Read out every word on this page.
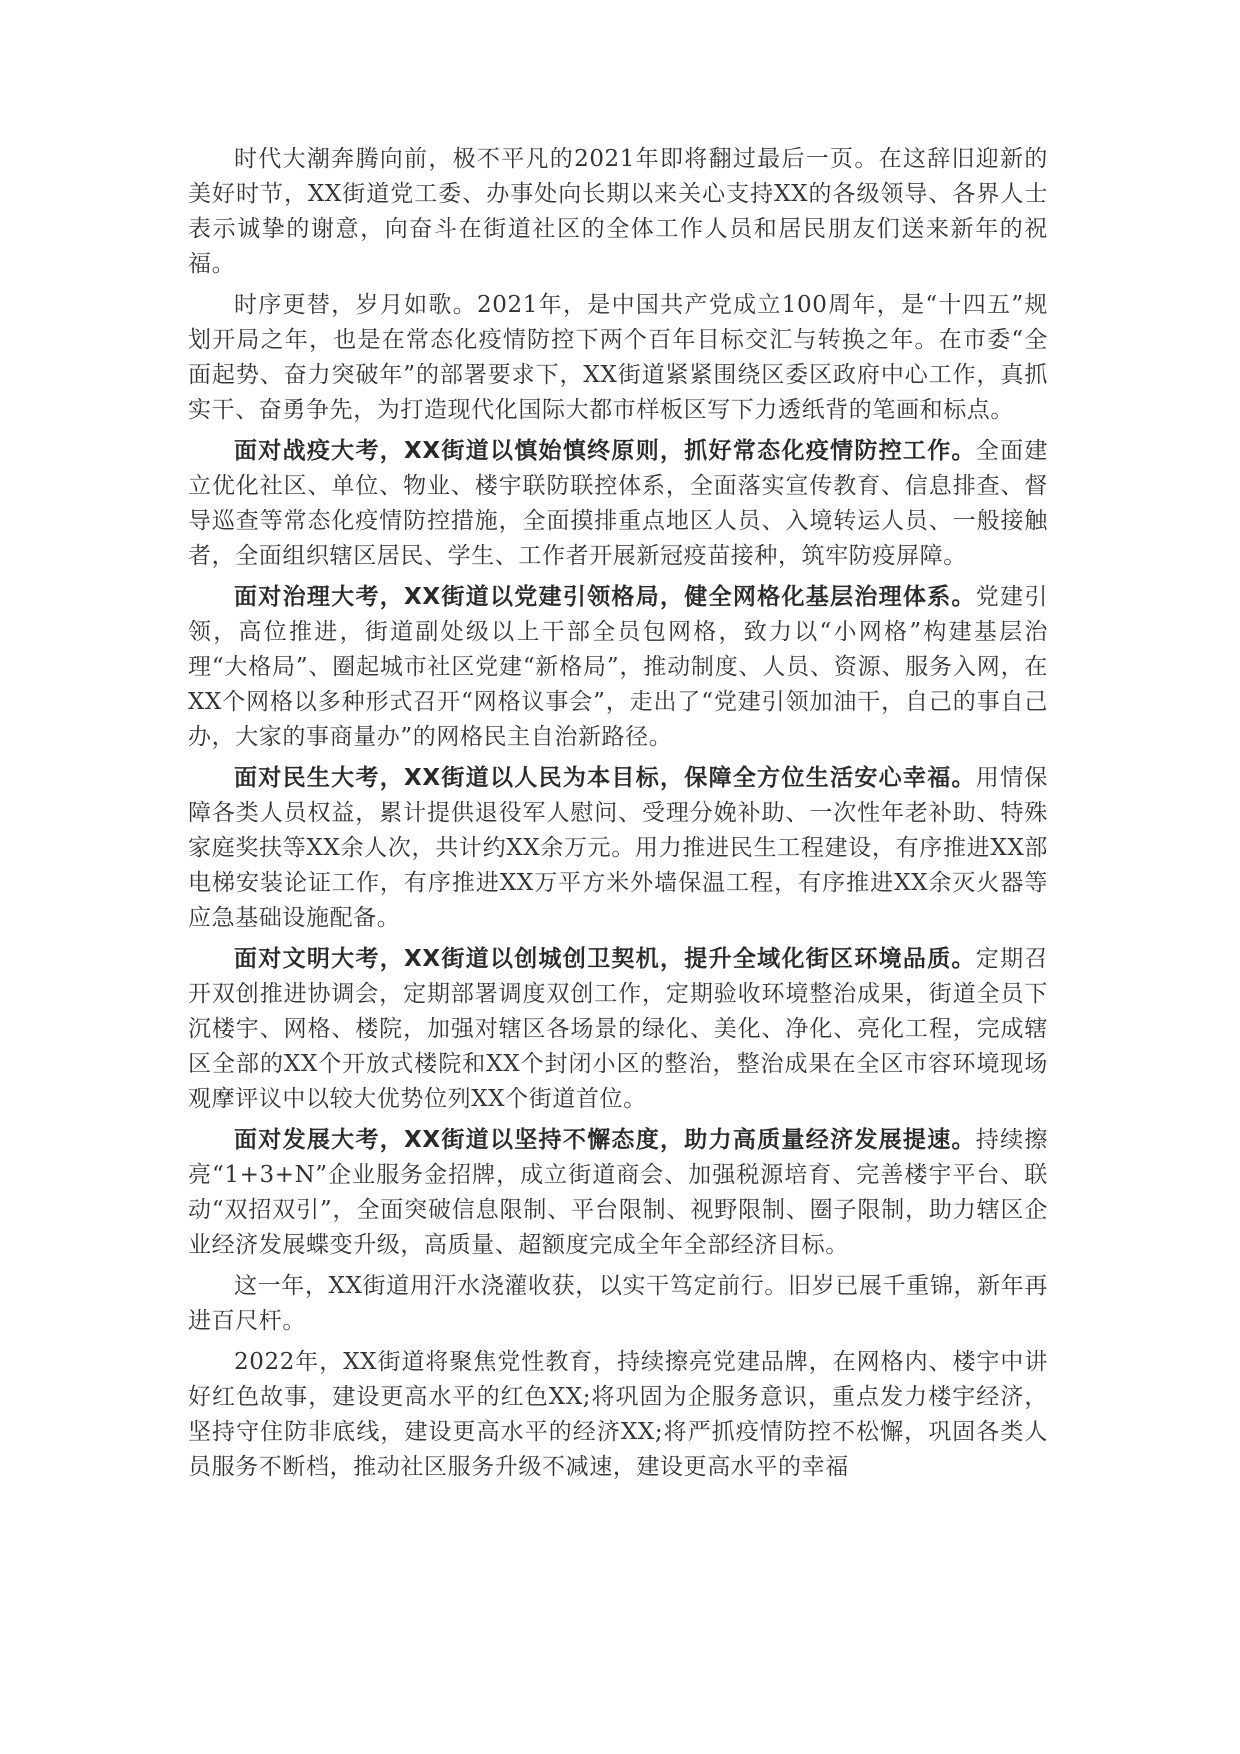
时代大潮奔腾向前，极不平凡的2021年即将翻过最后一页。在这辞旧迎新的美好时节，XX街道党工委、办事处向长期以来关心支持XX的各级领导、各界人士表示诚挚的谢意，向奋斗在街道社区的全体工作人员和居民朋友们送来新年的祝福。

时序更替，岁月如歌。2021年，是中国共产党成立100周年，是“十四五”规划开局之年，也是在常态化疫情防控下两个百年目标交汇与转换之年。在市委“全面起势、奋力突破年”的部署要求下，XX街道紧紧围绕区委区政府中心工作，真抓实干、奋勇争先，为打造现代化国际大都市样板区写下力透纸背的笔画和标点。

面对战疫大考，XX街道以慎始慎终原则，抓好常态化疫情防控工作。全面建立优化社区、单位、物业、楼宇联防联控体系，全面落实宣传教育、信息排查、督导巡查等常态化疫情防控措施，全面摸排重点地区人员、入境转运人员、一般接触者，全面组织辖区居民、学生、工作者开展新冠疫苗接种，筑牢防疫屏障。

面对治理大考，XX街道以党建引领格局，健全网格化基层治理体系。党建引领，高位推进，街道副处级以上干部全员包网格，致力以“小网格”构建基层治理“大格局”、圈起城市社区党建“新格局”，推动制度、人员、资源、服务入网，在XX个网格以多种形式召开“网格议事会”，走出了“党建引领加油干，自己的事自己办，大家的事商量办”的网格民主自治新路径。

面对民生大考，XX街道以人民为本目标，保障全方位生活安心幸福。用情保障各类人员权益，累计提供退役军人慰问、受理分娩补助、一次性年老补助、特殊家庭奖扶等XX余人次，共计约XX余万元。用力推进民生工程建设，有序推进XX部电梯安装论证工作，有序推进XX万平方米外墙保温工程，有序推进XX余灭火器等应急基础设施配备。

面对文明大考，XX街道以创城创卫契机，提升全域化街区环境品质。定期召开双创推进协调会，定期部署调度双创工作，定期验收环境整治成果，街道全员下沉楼宇、网格、楼院，加强对辖区各场景的绿化、美化、净化、亮化工程，完成辖区全部的XX个开放式楼院和XX个封闭小区的整治，整治成果在全区市容环境现场观摩评议中以较大优势位列XX个街道首位。

面对发展大考，XX街道以坚持不懈态度，助力高质量经济发展提速。持续擦亮“1+3+N”企业服务金招牌，成立街道商会、加强税源培育、完善楼宇平台、联动“双招双引”，全面突破信息限制、平台限制、视野限制、圈子限制，助力辖区企业经济发展蝶变升级，高质量、超额度完成全年全部经济目标。

这一年，XX街道用汗水浇灌收获，以实干笃定前行。旧岁已展千重锦，新年再进百尺杆。

2022年，XX街道将聚焦党性教育，持续擦亮党建品牌，在网格内、楼宇中讲好红色故事，建设更高水平的红色XX;将巩固为企服务意识，重点发力楼宇经济，坚持守住防非底线，建设更高水平的经济XX;将严抓疫情防控不松懈，巩固各类人员服务不断档，推动社区服务升级不减速，建设更高水平的幸福
